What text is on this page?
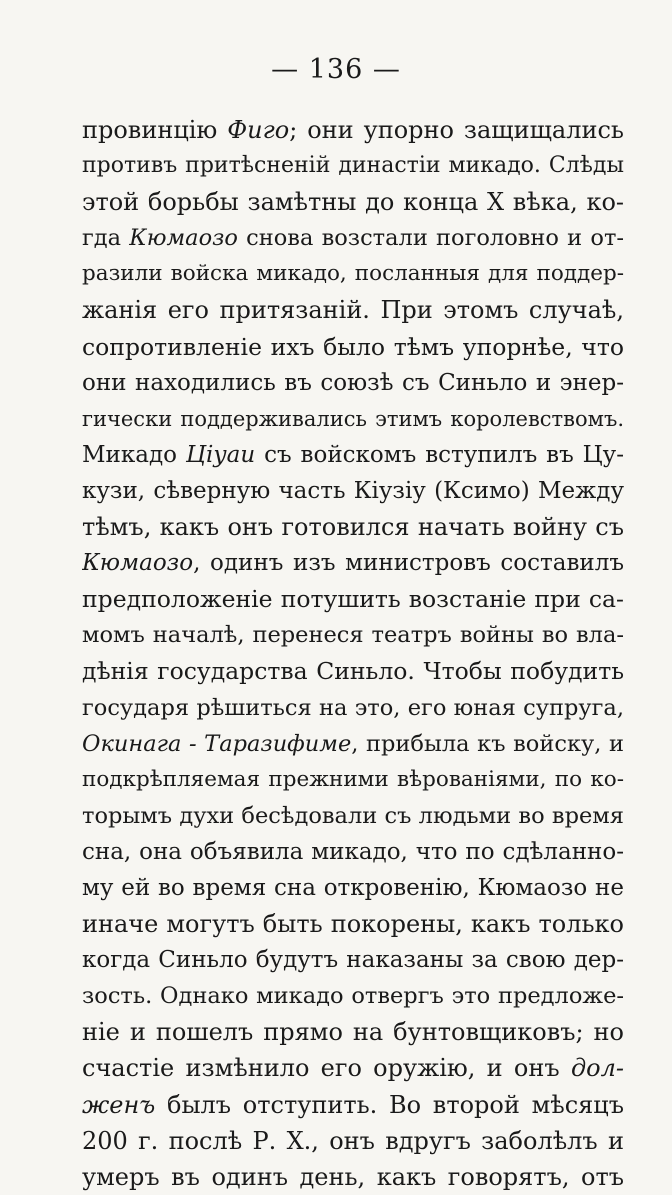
— 136 —
провинцію Фиго; они упорно защищались
противъ притѣсненій династіи микадо. Слѣды
этой борьбы замѣтны до конца X вѣка, ко-
гда Кюмаозо снова возстали поголовно и от-
разили войска микадо, посланныя для поддер-
жанія его притязаній. При этомъ случаѣ,
сопротивленіе ихъ было тѣмъ упорнѣе, что
они находились въ союзѣ съ Синьло и энер-
гически поддерживались этимъ королевствомъ.
Микадо Ціуаи съ войскомъ вступилъ въ Цу-
кузи, сѣверную часть Кіузіу (Ксимо) Между
тѣмъ, какъ онъ готовился начать войну съ
Кюмаозо, одинъ изъ министровъ составилъ
предположеніе потушить возстаніе при са-
момъ началѣ, перенеся театръ войны во вла-
дѣнія государства Синьло. Чтобы побудить
государя рѣшиться на это, его юная супруга,
Окинага - Таразифиме, прибыла къ войску, и
подкрѣпляемая прежними вѣрованіями, по ко-
торымъ духи бесѣдовали съ людьми во время
сна, она объявила микадо, что по сдѣланно-
му ей во время сна откровенію, Кюмаозо не
иначе могутъ быть покорены, какъ только
когда Синьло будутъ наказаны за свою дер-
зость. Однако микадо отвергъ это предложе-
ніе и пошелъ прямо на бунтовщиковъ; но
счастіе измѣнило его оружію, и онъ дол-
женъ былъ отступить. Во второй мѣсяцъ
200 г. послѣ Р. Х., онъ вдругъ заболѣлъ и
умеръ въ одинъ день, какъ говорятъ, отъ
